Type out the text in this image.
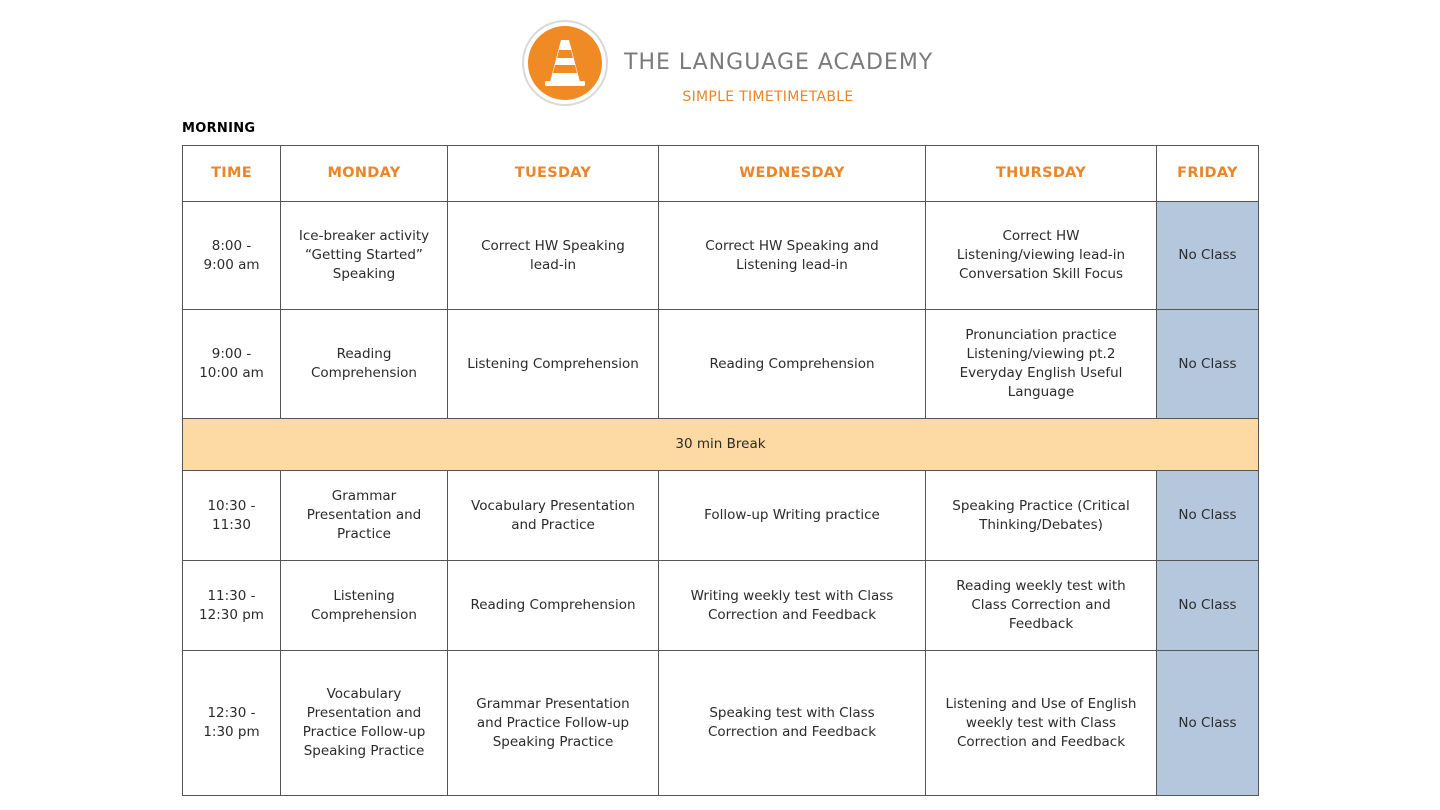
THE LANGUAGE ACADEMY
SIMPLE TIMETIMETABLE
MORNING
TIME	MONDAY	TUESDAY	WEDNESDAY	THURSDAY	FRIDAY
8:00 -
9:00 am	Ice-breaker activity
“Getting Started”
Speaking	Correct HW Speaking
lead-in	Correct HW Speaking and
Listening lead-in	Correct HW
Listening/viewing lead-in
Conversation Skill Focus	No Class
9:00 -
10:00 am	Reading
Comprehension	Listening Comprehension	Reading Comprehension	Pronunciation practice
Listening/viewing pt.2
Everyday English Useful
Language	No Class
30 min Break					
10:30 -
11:30	Grammar
Presentation and
Practice	Vocabulary Presentation
and Practice	Follow-up Writing practice	Speaking Practice (Critical
Thinking/Debates)	No Class
11:30 -
12:30 pm	Listening
Comprehension	Reading Comprehension	Writing weekly test with Class
Correction and Feedback	Reading weekly test with
Class Correction and
Feedback	No Class
12:30 -
1:30 pm	Vocabulary
Presentation and
Practice Follow-up
Speaking Practice	Grammar Presentation
and Practice Follow-up
Speaking Practice	Speaking test with Class
Correction and Feedback	Listening and Use of English
weekly test with Class
Correction and Feedback	No Class
